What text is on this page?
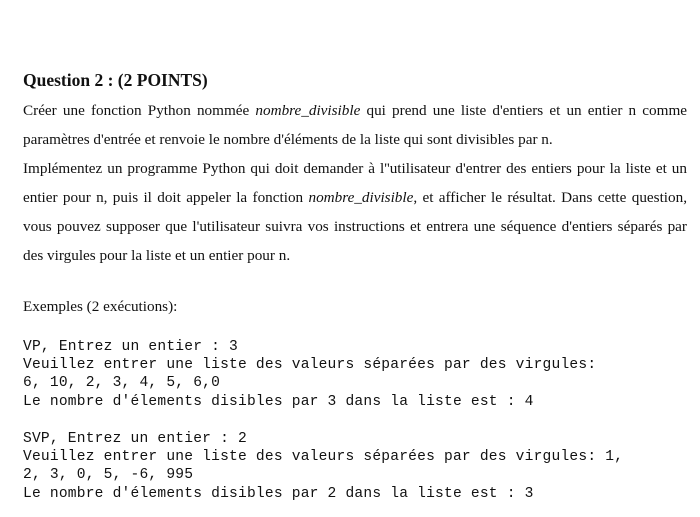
Question 2 : (2 POINTS)
Créer une fonction Python nommée nombre_divisible qui prend une liste d'entiers et un entier n comme paramètres d'entrée et renvoie le nombre d'éléments de la liste qui sont divisibles par n.
Implémentez un programme Python qui doit demander à l''utilisateur d'entrer des entiers pour la liste et un entier pour n, puis il doit appeler la fonction nombre_divisible, et afficher le résultat. Dans cette question, vous pouvez supposer que l'utilisateur suivra vos instructions et entrera une séquence d'entiers séparés par des virgules pour la liste et un entier pour n.
Exemples (2 exécutions):
VP, Entrez un entier : 3
Veuillez entrer une liste des valeurs séparées par des virgules:
6, 10, 2, 3, 4, 5, 6,0
Le nombre d'élements disibles par 3 dans la liste est : 4
SVP, Entrez un entier : 2
Veuillez entrer une liste des valeurs séparées par des virgules: 1,
2, 3, 0, 5, -6, 995
Le nombre d'élements disibles par 2 dans la liste est : 3
